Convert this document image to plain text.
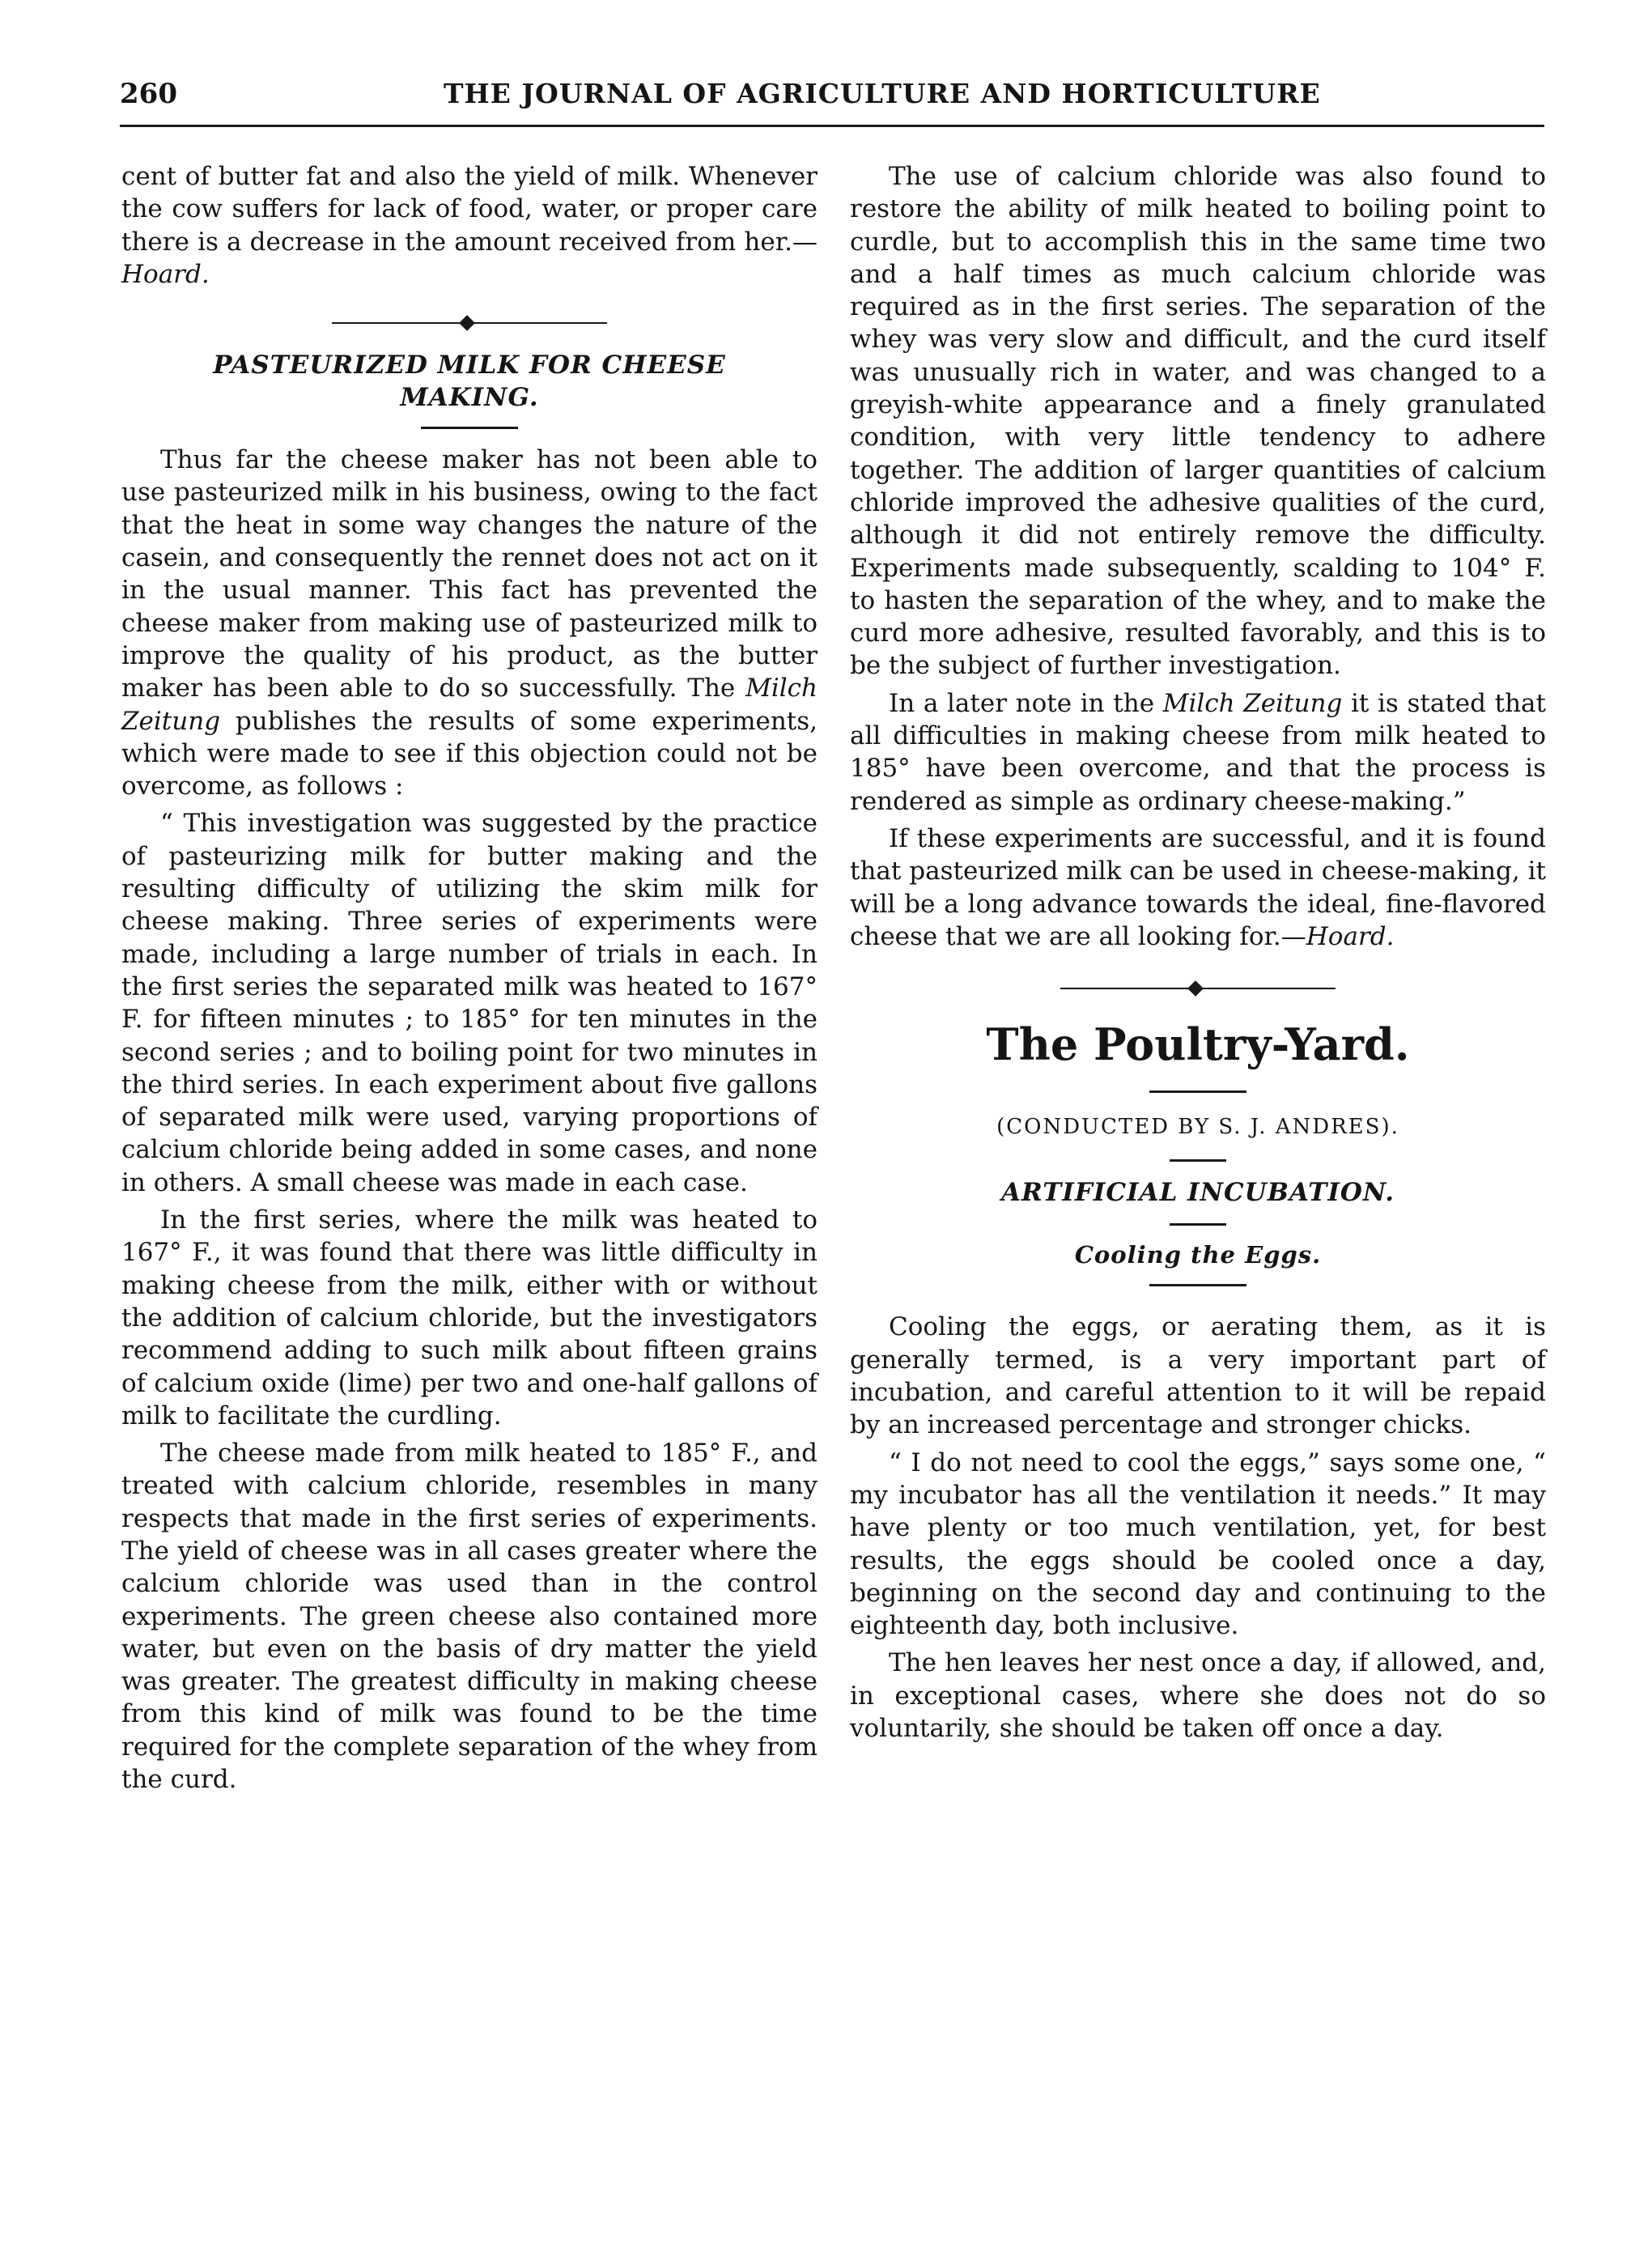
260	THE JOURNAL OF AGRICULTURE AND HORTICULTURE

cent of butter fat and also the yield of milk. Whenever the cow suffers for lack of food, water, or proper care there is a decrease in the amount received from her.—Hoard.

PASTEURIZED MILK FOR CHEESE
MAKING.

Thus far the cheese maker has not been able to use pasteurized milk in his business, owing to the fact that the heat in some way changes the nature of the casein, and consequently the rennet does not act on it in the usual manner. This fact has prevented the cheese maker from making use of pasteurized milk to improve the quality of his product, as the butter maker has been able to do so successfully. The Milch Zeitung publishes the results of some experiments, which were made to see if this objection could not be overcome, as follows :

“ This investigation was suggested by the practice of pasteurizing milk for butter making and the resulting difficulty of utilizing the skim milk for cheese making. Three series of experiments were made, including a large number of trials in each. In the first series the separated milk was heated to 167° F. for fifteen minutes ; to 185° for ten minutes in the second series ; and to boiling point for two minutes in the third series. In each experiment about five gallons of separated milk were used, varying proportions of calcium chloride being added in some cases, and none in others. A small cheese was made in each case.

In the first series, where the milk was heated to 167° F., it was found that there was little difficulty in making cheese from the milk, either with or without the addition of calcium chloride, but the investigators recommend adding to such milk about fifteen grains of calcium oxide (lime) per two and one-half gallons of milk to facilitate the curdling.

The cheese made from milk heated to 185° F., and treated with calcium chloride, resembles in many respects that made in the first series of experiments. The yield of cheese was in all cases greater where the calcium chloride was used than in the control experiments. The green cheese also contained more water, but even on the basis of dry matter the yield was greater. The greatest difficulty in making cheese from this kind of milk was found to be the time required for the complete separation of the whey from the curd.

The use of calcium chloride was also found to restore the ability of milk heated to boiling point to curdle, but to accomplish this in the same time two and a half times as much calcium chloride was required as in the first series. The separation of the whey was very slow and difficult, and the curd itself was unusually rich in water, and was changed to a greyish-white appearance and a finely granulated condition, with very little tendency to adhere together. The addition of larger quantities of calcium chloride improved the adhesive qualities of the curd, although it did not entirely remove the difficulty. Experiments made subsequently, scalding to 104° F. to hasten the separation of the whey, and to make the curd more adhesive, resulted favorably, and this is to be the subject of further investigation.

In a later note in the Milch Zeitung it is stated that all difficulties in making cheese from milk heated to 185° have been overcome, and that the process is rendered as simple as ordinary cheese-making.”

If these experiments are successful, and it is found that pasteurized milk can be used in cheese-making, it will be a long advance towards the ideal, fine-flavored cheese that we are all looking for.—Hoard.

The Poultry-Yard.

(CONDUCTED BY S. J. ANDRES).

ARTIFICIAL INCUBATION.

Cooling the Eggs.

Cooling the eggs, or aerating them, as it is generally termed, is a very important part of incubation, and careful attention to it will be repaid by an increased percentage and stronger chicks.

“ I do not need to cool the eggs,” says some one, “ my incubator has all the ventilation it needs.” It may have plenty or too much ventilation, yet, for best results, the eggs should be cooled once a day, beginning on the second day and continuing to the eighteenth day, both inclusive.

The hen leaves her nest once a day, if allowed, and, in exceptional cases, where she does not do so voluntarily, she should be taken off once a day.
